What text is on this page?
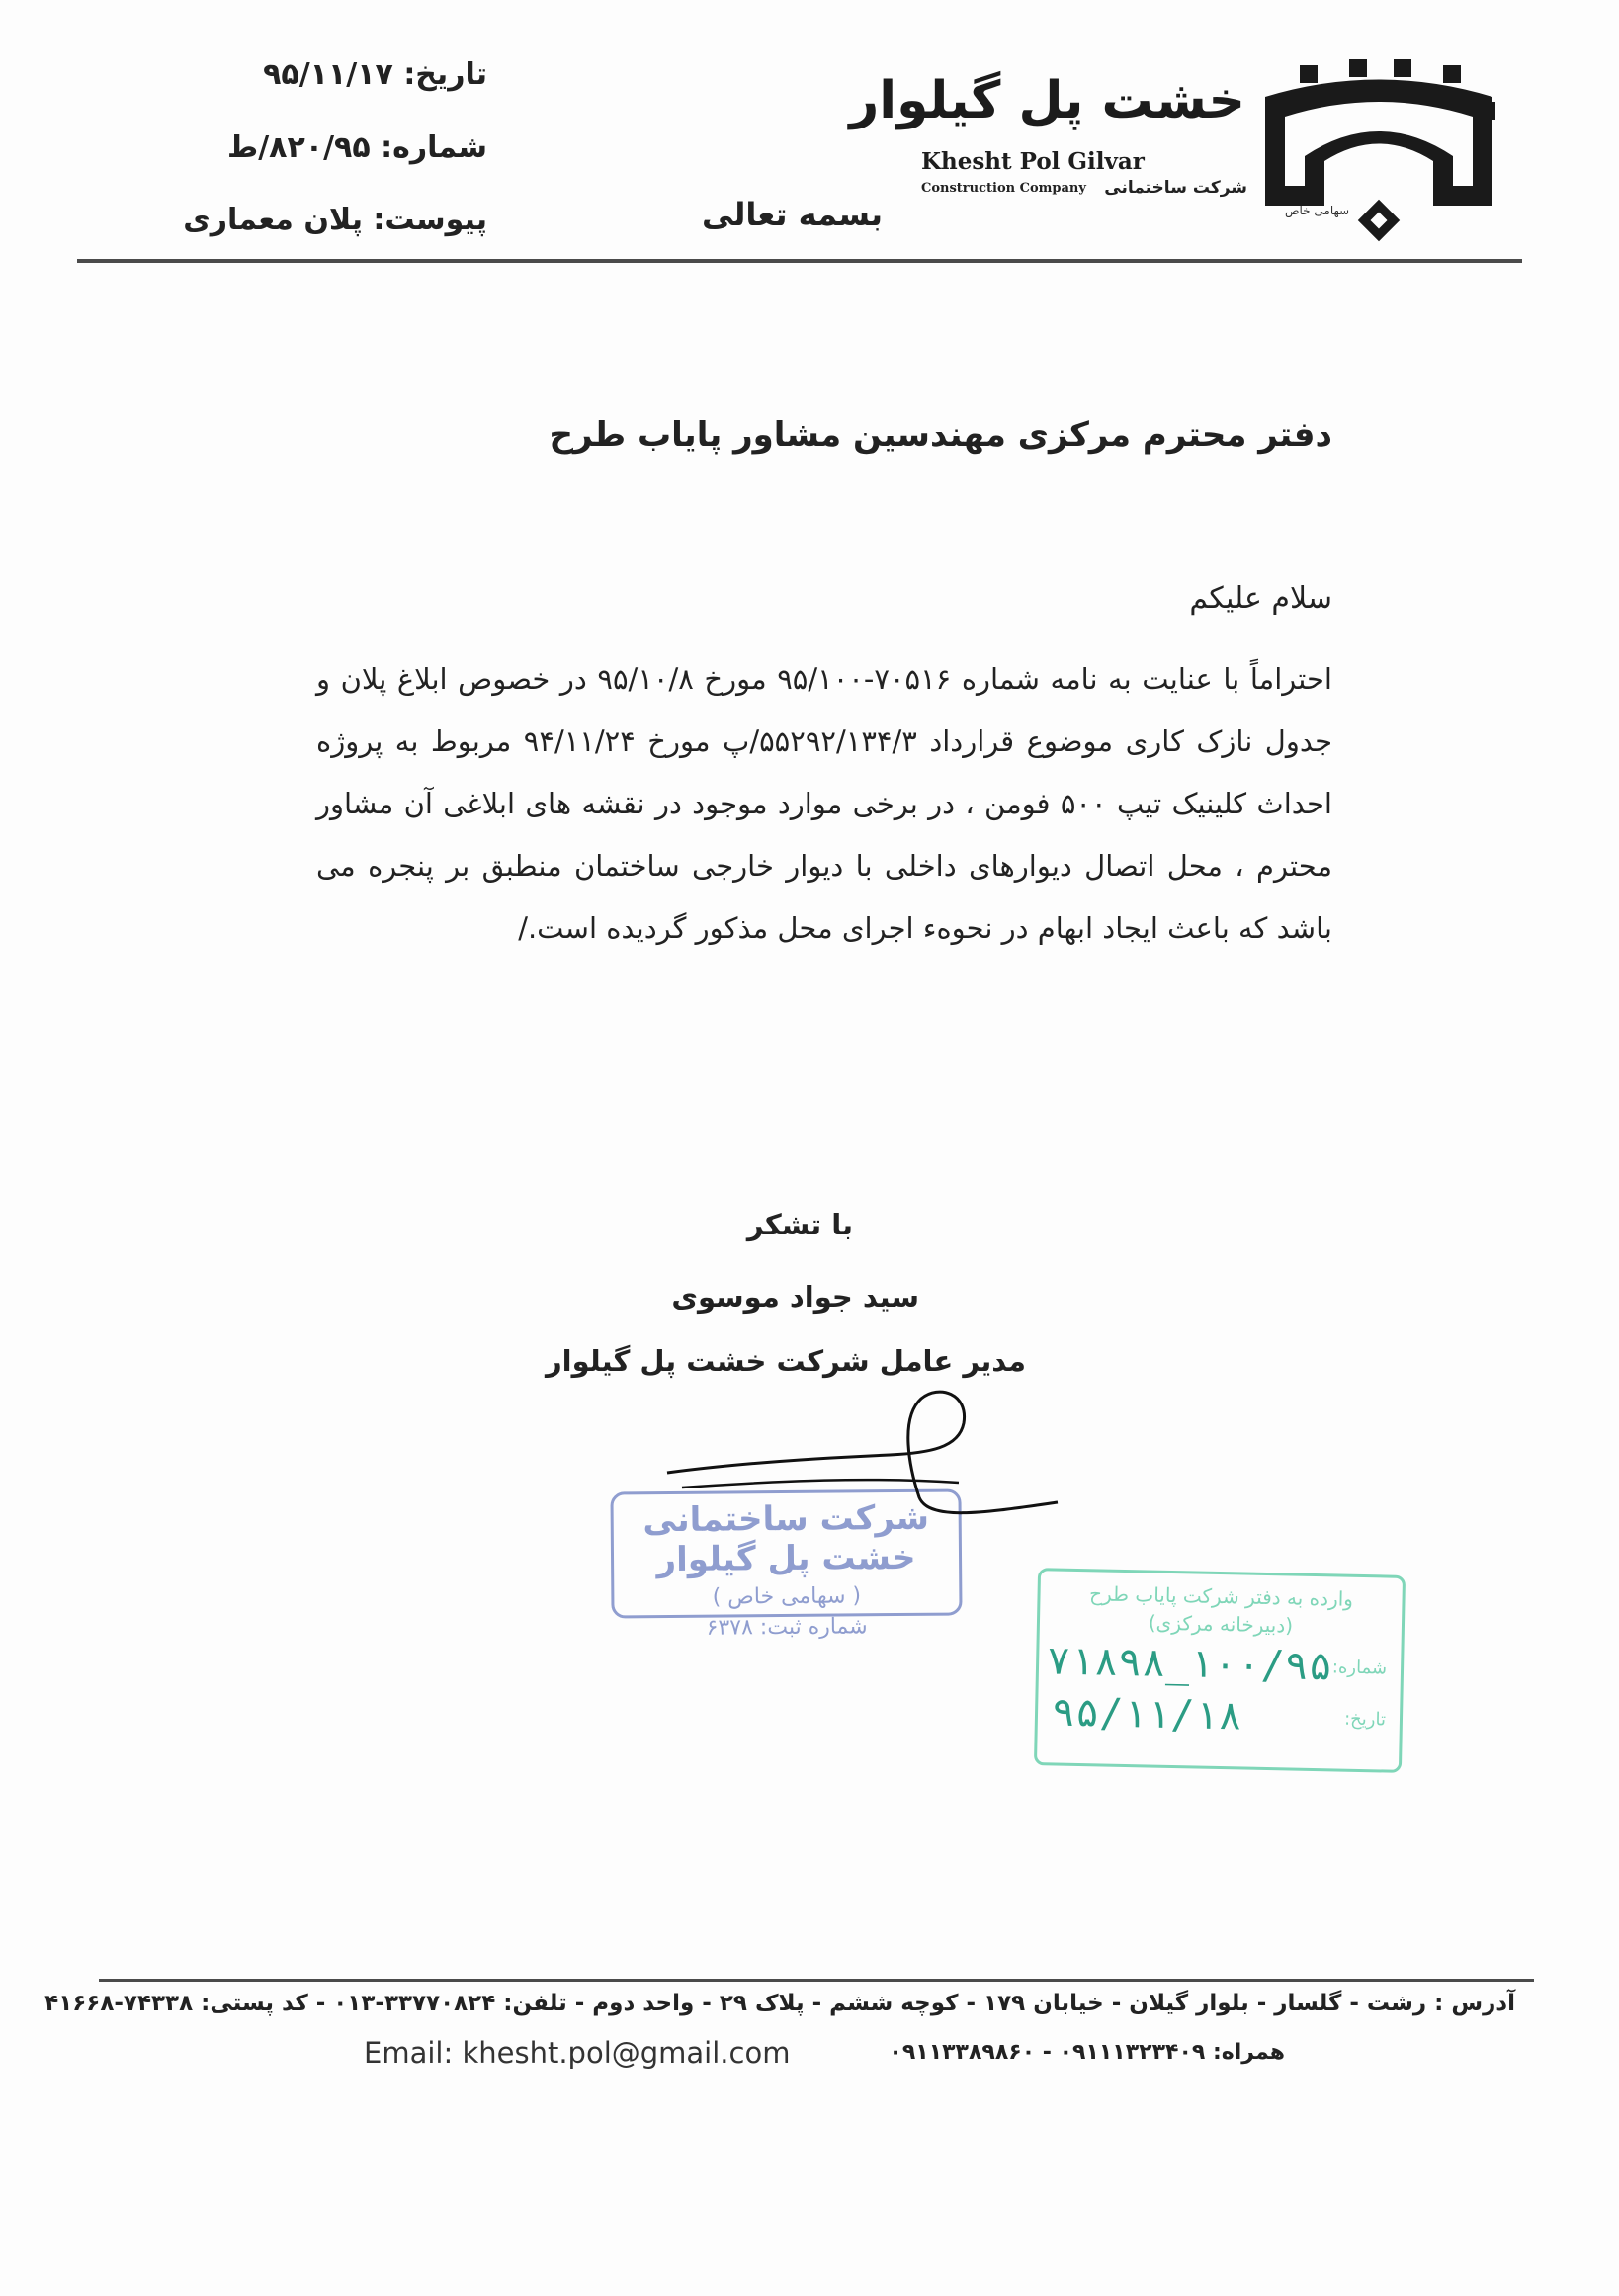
خشت پل گیلوار
Khesht Pol Gilvar
Construction Company شرکت ساختمانی
سهامی خاص
بسمه تعالی
تاریخ: ۹۵/۱۱/۱۷
شماره: ۸۲۰/۹۵/ط
پیوست: پلان معماری
دفتر محترم مرکزی مهندسین مشاور پایاب طرح
سلام علیکم
احتراماً با عنایت به نامه شماره ۷۰۵۱۶-۹۵/۱۰۰ مورخ ۹۵/۱۰/۸ در خصوص ابلاغ پلان و جدول نازک کاری موضوع قرارداد ۵۵۲۹۲/۱۳۴/۳/پ مورخ ۹۴/۱۱/۲۴ مربوط به پروژه احداث کلینیک تیپ ۵۰۰ فومن ، در برخی موارد موجود در نقشه های ابلاغی آن مشاور محترم ، محل اتصال دیوارهای داخلی با دیوار خارجی ساختمان منطبق بر پنجره می باشد که باعث ایجاد ابهام در نحوه‌ء اجرای محل مذکور گردیده است./
با تشکر
سید جواد موسوی
مدیر عامل شرکت خشت پل گیلوار
شرکت ساختمانی خشت پل گیلوار
( سهامی خاص )
شماره ثبت: ۶۳۷۸
وارده به دفتر شرکت پایاب طرح
(دبیرخانه مرکزی)
شماره:
۱۰۰/۹۵_۷۱۸۹۸
تاریخ:
۹۵/۱۱/۱۸
آدرس : رشت - گلسار - بلوار گیلان - خیابان ۱۷۹ - کوچه ششم - پلاک ۲۹ - واحد دوم - تلفن: ۳۳۷۷۰۸۲۴-۰۱۳ - کد پستی: ۷۴۳۳۸-۴۱۶۶۸
همراه: ۰۹۱۱۱۳۲۳۴۰۹ - ۰۹۱۱۳۳۸۹۸۶۰
Email: khesht.pol@gmail.com
